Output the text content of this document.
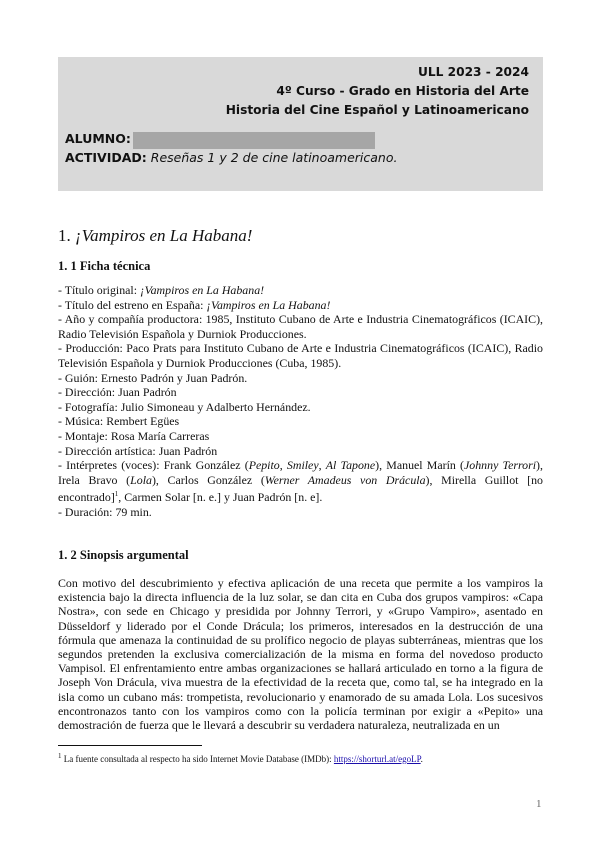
ULL 2023 - 2024
4º Curso - Grado en Historia del Arte
Historia del Cine Español y Latinoamericano
ALUMNO:
ACTIVIDAD: Reseñas 1 y 2 de cine latinoamericano.
1. ¡Vampiros en La Habana!
1. 1 Ficha técnica
- Título original: ¡Vampiros en La Habana!
- Título del estreno en España: ¡Vampiros en La Habana!
- Año y compañía productora: 1985, Instituto Cubano de Arte e Industria Cinematográficos (ICAIC), Radio Televisión Española y Durniok Producciones.
- Producción: Paco Prats para Instituto Cubano de Arte e Industria Cinematográficos (ICAIC), Radio Televisión Española y Durniok Producciones (Cuba, 1985).
- Guión: Ernesto Padrón y Juan Padrón.
- Dirección: Juan Padrón
- Fotografía: Julio Simoneau y Adalberto Hernández.
- Música: Rembert Egües
- Montaje: Rosa María Carreras
- Dirección artística: Juan Padrón
- Intérpretes (voces): Frank González (Pepito, Smiley, Al Tapone), Manuel Marín (Johnny Terrori), Irela Bravo (Lola), Carlos González (Werner Amadeus von Drácula), Mirella Guillot [no encontrado]$^1$, Carmen Solar [n. e.] y Juan Padrón [n. e].
- Duración: 79 min.
1. 2 Sinopsis argumental
Con motivo del descubrimiento y efectiva aplicación de una receta que permite a los vampiros la existencia bajo la directa influencia de la luz solar, se dan cita en Cuba dos grupos vampiros: «Capa Nostra», con sede en Chicago y presidida por Johnny Terrori, y «Grupo Vampiro», asentado en Düsseldorf y liderado por el Conde Drácula; los primeros, interesados en la destrucción de una fórmula que amenaza la continuidad de su prolífico negocio de playas subterráneas, mientras que los segundos pretenden la exclusiva comercialización de la misma en forma del novedoso producto Vampisol. El enfrentamiento entre ambas organizaciones se hallará articulado en torno a la figura de Joseph Von Drácula, viva muestra de la efectividad de la receta que, como tal, se ha integrado en la isla como un cubano más: trompetista, revolucionario y enamorado de su amada Lola. Los sucesivos encontronazos tanto con los vampiros como con la policía terminan por exigir a «Pepito» una demostración de fuerza que le llevará a descubrir su verdadera naturaleza, neutralizada en un
$^1$ La fuente consultada al respecto ha sido Internet Movie Database (IMDb): https://shorturl.at/egoLP.
1
